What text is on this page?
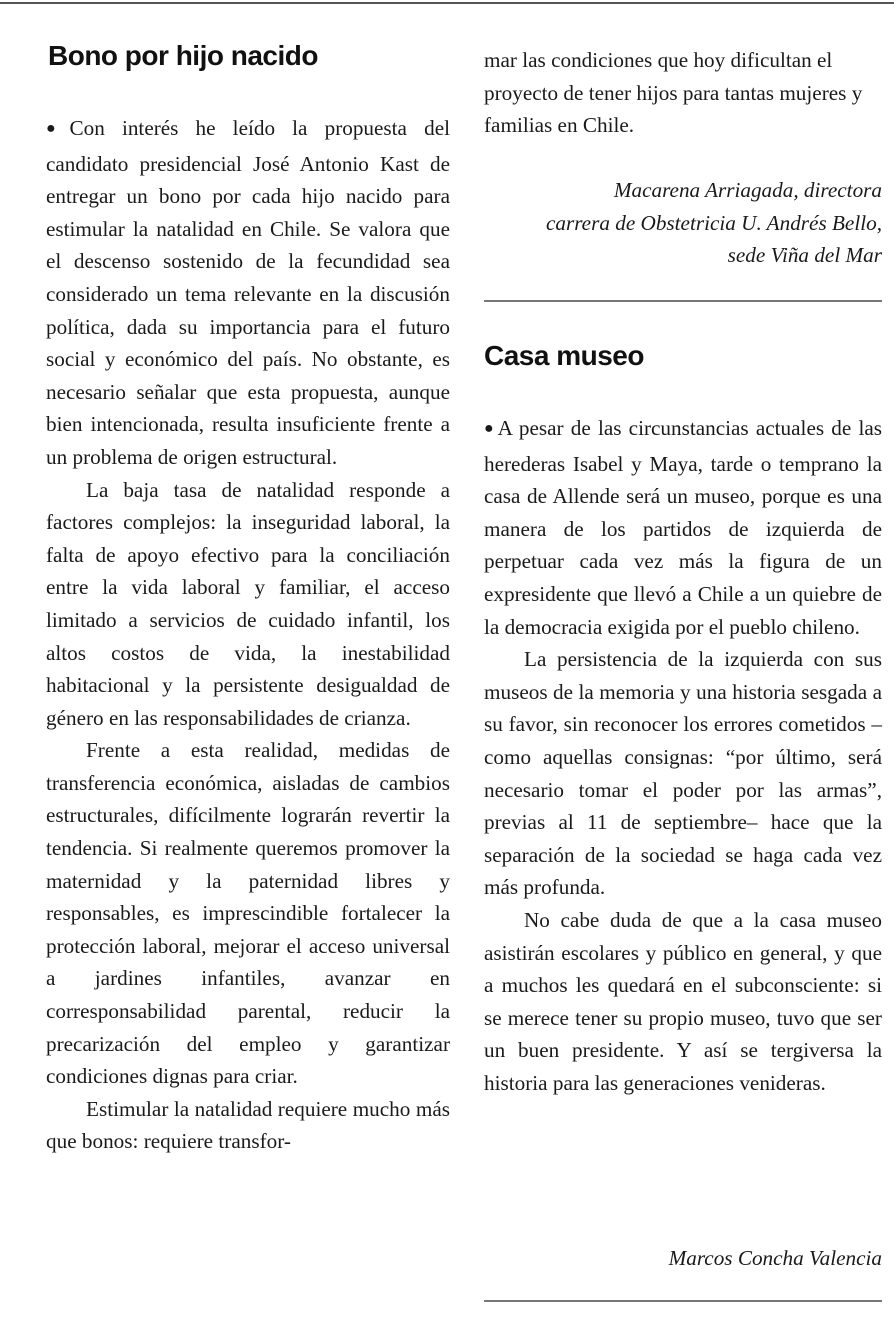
Bono por hijo nacido

●Con interés he leído la propuesta del candidato presidencial José Antonio Kast de entregar un bono por cada hijo nacido para estimular la natalidad en Chile. Se valora que el descenso sostenido de la fecundidad sea considerado un tema relevante en la discusión política, dada su importancia para el futuro social y económico del país. No obstante, es necesario señalar que esta propuesta, aunque bien intencionada, resulta insuficiente frente a un problema de origen estructural.

La baja tasa de natalidad responde a factores complejos: la inseguridad laboral, la falta de apoyo efectivo para la conciliación entre la vida laboral y familiar, el acceso limitado a servicios de cuidado infantil, los altos costos de vida, la inestabilidad habitacional y la persistente desigualdad de género en las responsabilidades de crianza.

Frente a esta realidad, medidas de transferencia económica, aisladas de cambios estructurales, difícilmente lograrán revertir la tendencia. Si realmente queremos promover la maternidad y la paternidad libres y responsables, es imprescindible fortalecer la protección laboral, mejorar el acceso universal a jardines infantiles, avanzar en corresponsabilidad parental, reducir la precarización del empleo y garantizar condiciones dignas para criar.

Estimular la natalidad requiere mucho más que bonos: requiere transfor-

mar las condiciones que hoy dificultan el proyecto de tener hijos para tantas mujeres y familias en Chile.

Macarena Arriagada, directora

carrera de Obstetricia U. Andrés Bello,

sede Viña del Mar

Casa museo

●A pesar de las circunstancias actuales de las herederas Isabel y Maya, tarde o temprano la casa de Allende será un museo, porque es una manera de los partidos de izquierda de perpetuar cada vez más la figura de un expresidente que llevó a Chile a un quiebre de la democracia exigida por el pueblo chileno.

La persistencia de la izquierda con sus museos de la memoria y una historia sesgada a su favor, sin reconocer los errores cometidos –como aquellas consignas: “por último, será necesario tomar el poder por las armas”, previas al 11 de septiembre– hace que la separación de la sociedad se haga cada vez más profunda.

No cabe duda de que a la casa museo asistirán escolares y público en general, y que a muchos les quedará en el subconsciente: si se merece tener su propio museo, tuvo que ser un buen presidente. Y así se tergiversa la historia para las generaciones venideras.

Marcos Concha Valencia
